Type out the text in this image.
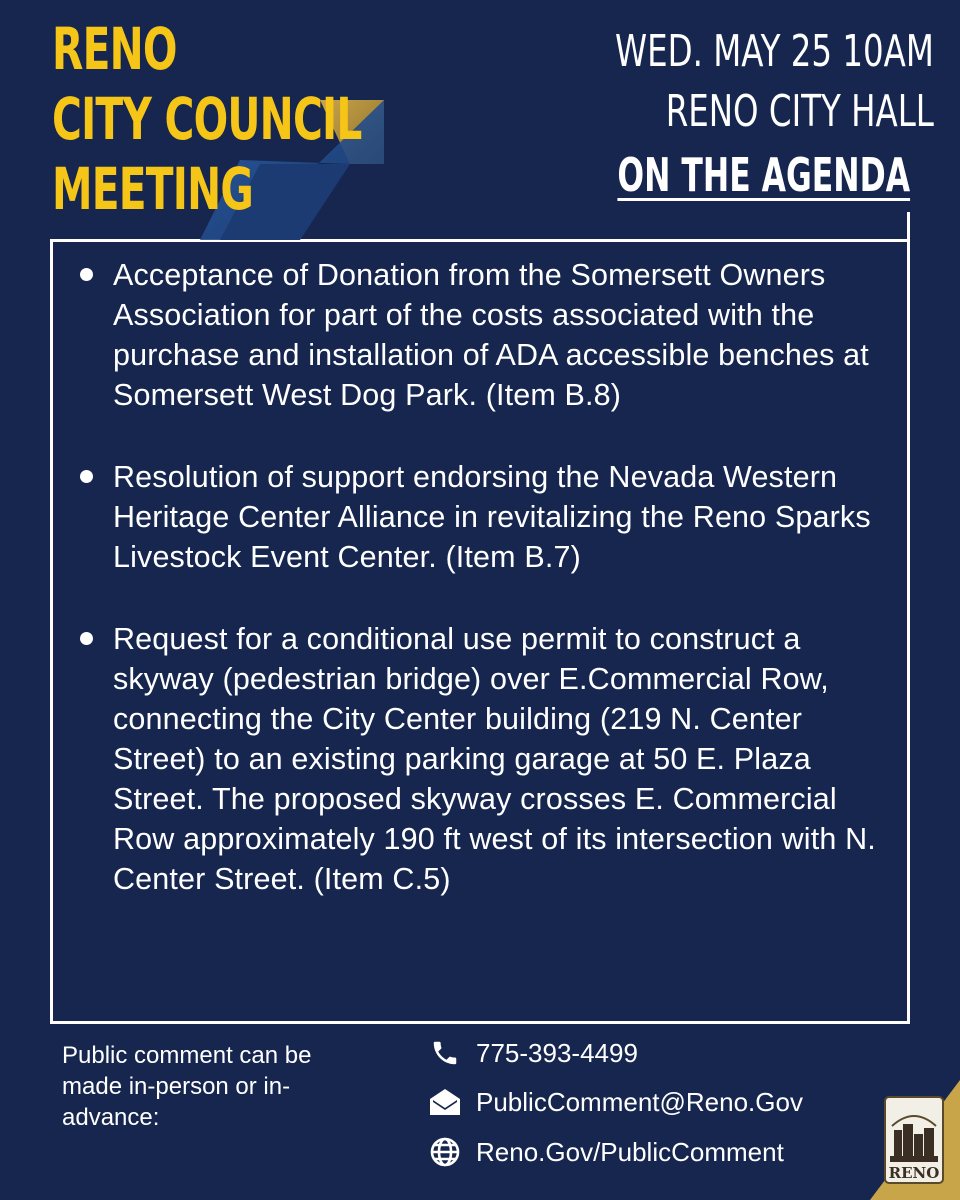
RENO
CITY COUNCIL
MEETING
WED. MAY 25 10AM
RENO CITY HALL
ON THE AGENDA
Acceptance of Donation from the Somersett Owners Association for part of the costs associated with the purchase and installation of ADA accessible benches at Somersett West Dog Park. (Item B.8)
Resolution of support endorsing the Nevada Western Heritage Center Alliance in revitalizing the Reno Sparks Livestock Event Center. (Item B.7)
Request for a conditional use permit to construct a skyway (pedestrian bridge) over E.Commercial Row, connecting the City Center building (219 N. Center Street) to an existing parking garage at 50 E. Plaza Street. The proposed skyway crosses E. Commercial Row approximately 190 ft west of its intersection with N. Center Street. (Item C.5)
Public comment can be made in-person or in-advance:
775-393-4499
PublicComment@Reno.Gov
Reno.Gov/PublicComment
RENO
